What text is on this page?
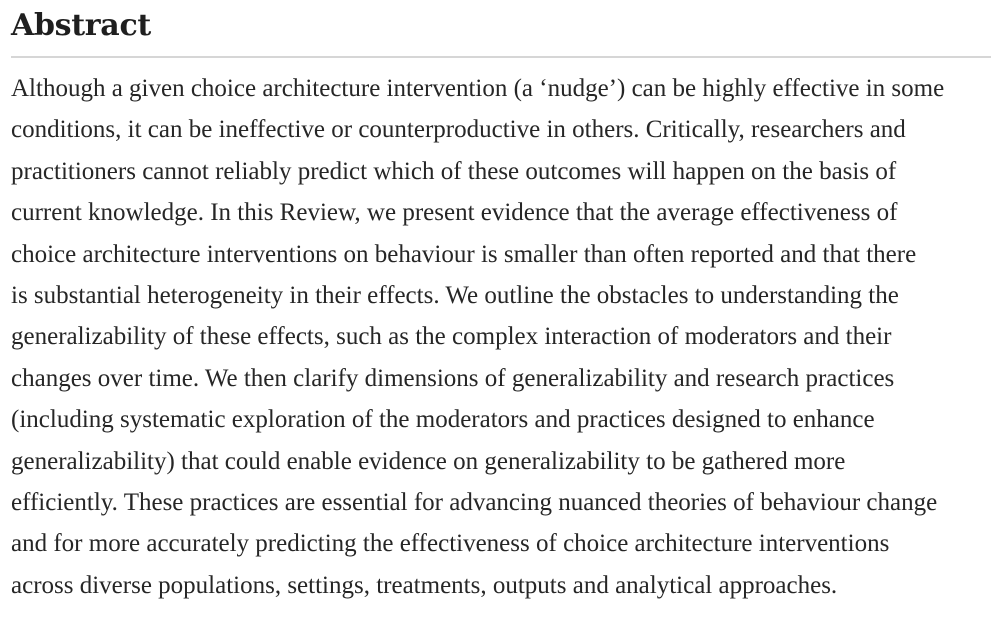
Abstract
Although a given choice architecture intervention (a ‘nudge’) can be highly effective in some
conditions, it can be ineffective or counterproductive in others. Critically, researchers and
practitioners cannot reliably predict which of these outcomes will happen on the basis of
current knowledge. In this Review, we present evidence that the average effectiveness of
choice architecture interventions on behaviour is smaller than often reported and that there
is substantial heterogeneity in their effects. We outline the obstacles to understanding the
generalizability of these effects, such as the complex interaction of moderators and their
changes over time. We then clarify dimensions of generalizability and research practices
(including systematic exploration of the moderators and practices designed to enhance
generalizability) that could enable evidence on generalizability to be gathered more
efficiently. These practices are essential for advancing nuanced theories of behaviour change
and for more accurately predicting the effectiveness of choice architecture interventions
across diverse populations, settings, treatments, outputs and analytical approaches.
